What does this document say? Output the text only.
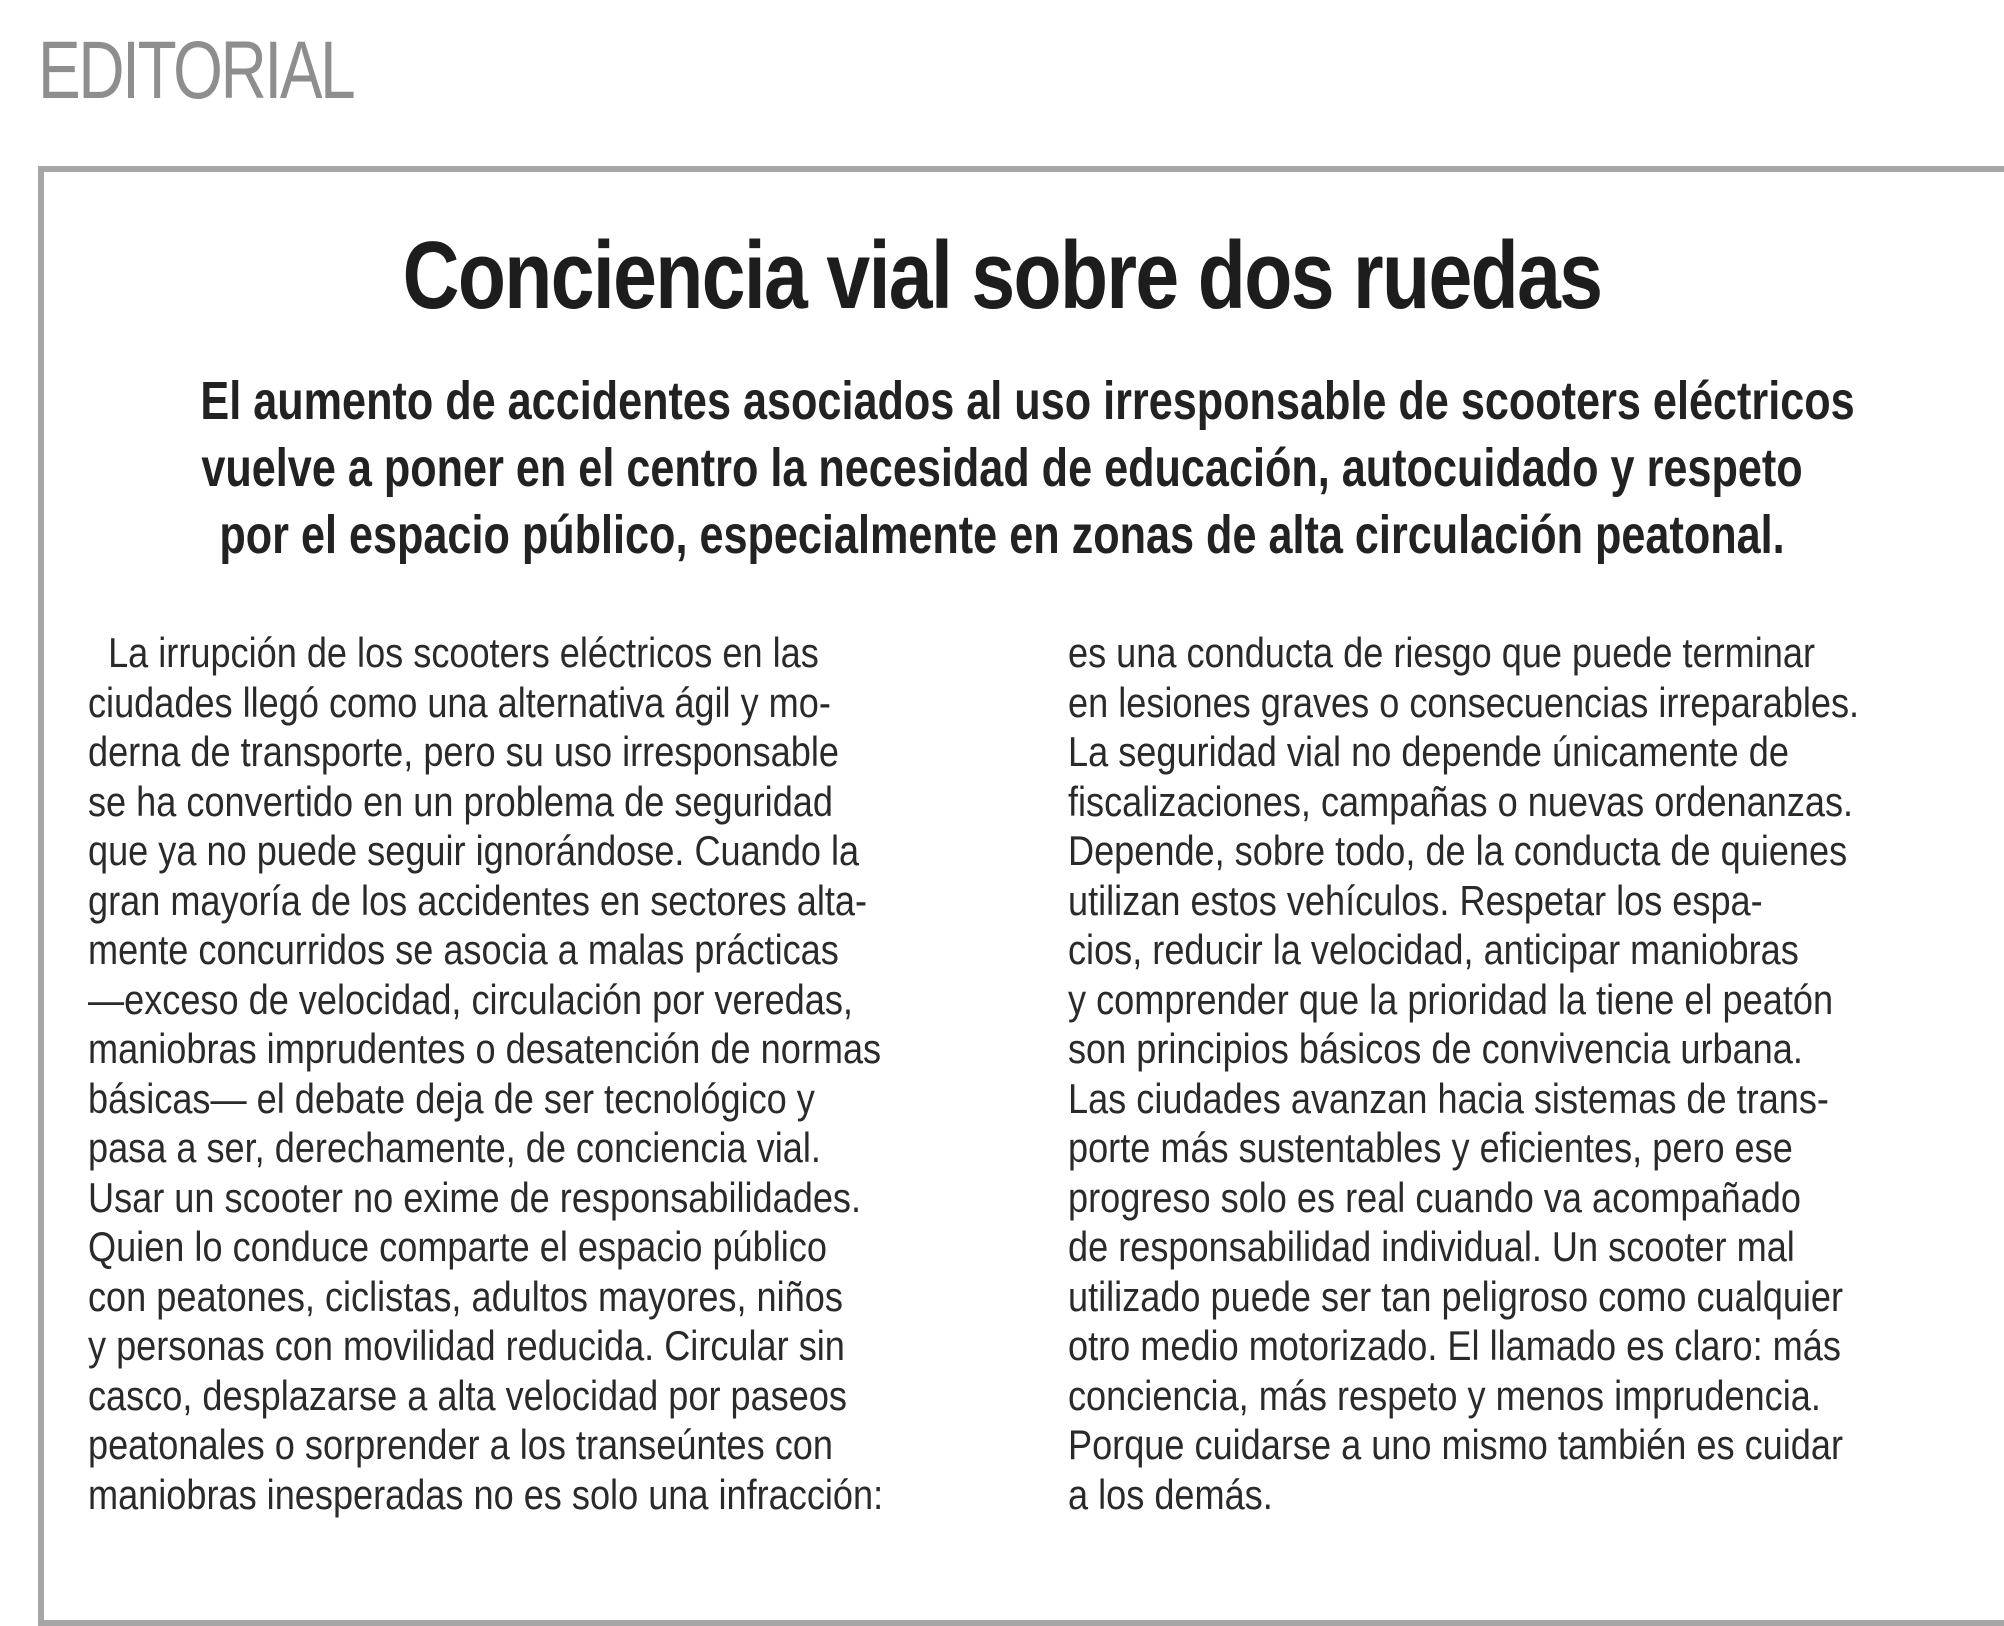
EDITORIAL
Conciencia vial sobre dos ruedas
El aumento de accidentes asociados al uso irresponsable de scooters eléctricos
vuelve a poner en el centro la necesidad de educación, autocuidado y respeto
por el espacio público, especialmente en zonas de alta circulación peatonal.
La irrupción de los scooters eléctricos en las
ciudades llegó como una alternativa ágil y mo-
derna de transporte, pero su uso irresponsable
se ha convertido en un problema de seguridad
que ya no puede seguir ignorándose. Cuando la
gran mayoría de los accidentes en sectores alta-
mente concurridos se asocia a malas prácticas
—exceso de velocidad, circulación por veredas,
maniobras imprudentes o desatención de normas
básicas— el debate deja de ser tecnológico y
pasa a ser, derechamente, de conciencia vial.
Usar un scooter no exime de responsabilidades.
Quien lo conduce comparte el espacio público
con peatones, ciclistas, adultos mayores, niños
y personas con movilidad reducida. Circular sin
casco, desplazarse a alta velocidad por paseos
peatonales o sorprender a los transeúntes con
maniobras inesperadas no es solo una infracción:
es una conducta de riesgo que puede terminar
en lesiones graves o consecuencias irreparables.
La seguridad vial no depende únicamente de
fiscalizaciones, campañas o nuevas ordenanzas.
Depende, sobre todo, de la conducta de quienes
utilizan estos vehículos. Respetar los espa-
cios, reducir la velocidad, anticipar maniobras
y comprender que la prioridad la tiene el peatón
son principios básicos de convivencia urbana.
Las ciudades avanzan hacia sistemas de trans-
porte más sustentables y eficientes, pero ese
progreso solo es real cuando va acompañado
de responsabilidad individual. Un scooter mal
utilizado puede ser tan peligroso como cualquier
otro medio motorizado. El llamado es claro: más
conciencia, más respeto y menos imprudencia.
Porque cuidarse a uno mismo también es cuidar
a los demás.
